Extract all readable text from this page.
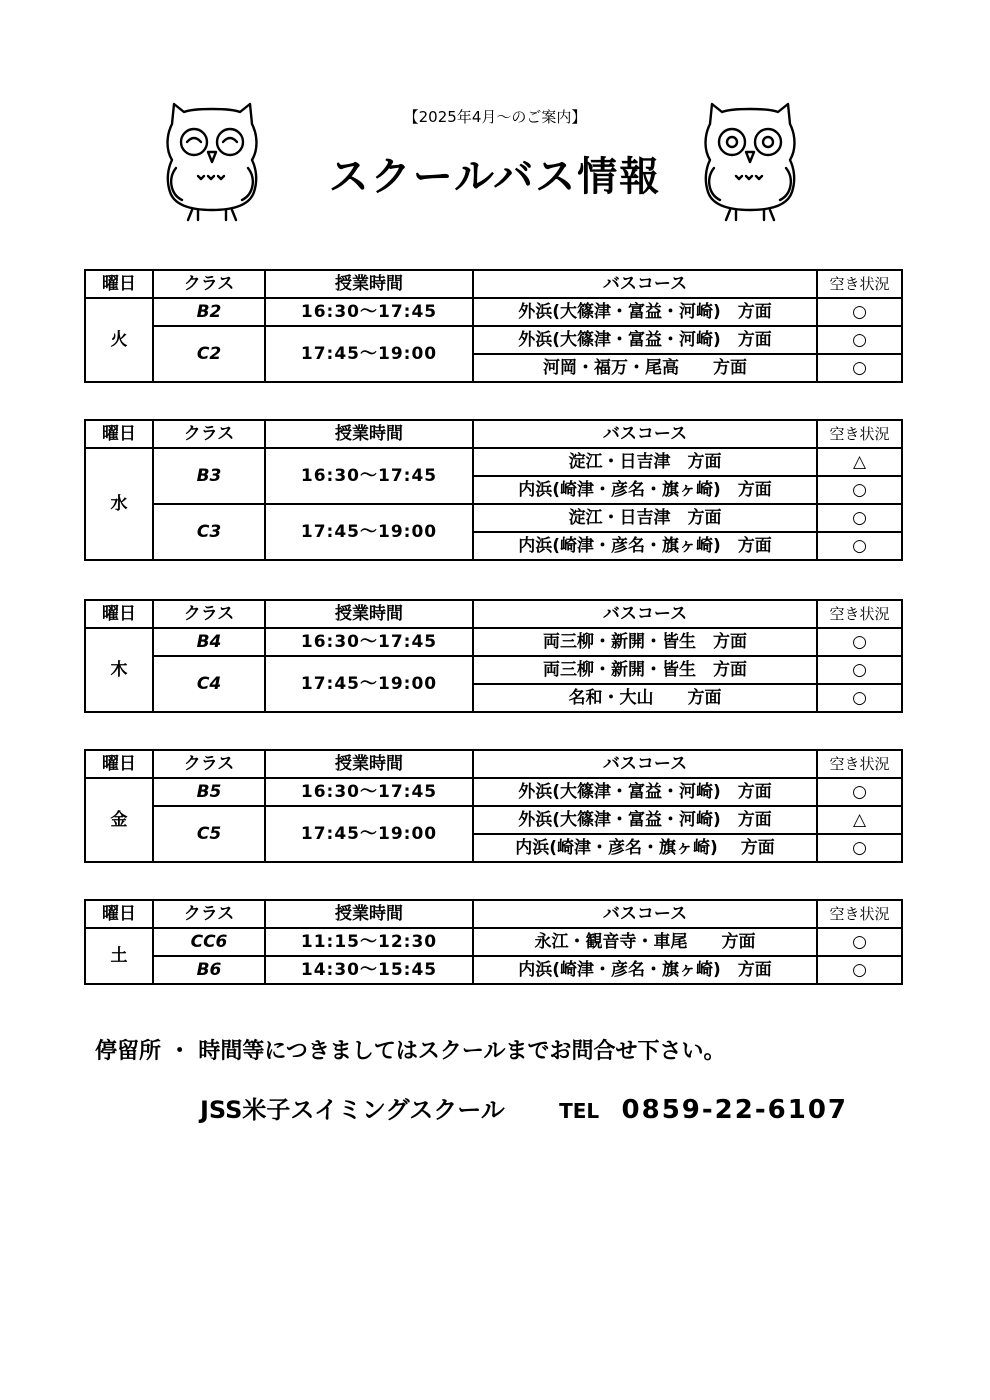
【2025年4月～のご案内】
スクールバス情報
曜日	クラス	授業時間	バスコース	空き状況
火	B2	16:30～17:45	外浜(大篠津・富益・河崎)　方面	○
	C2	17:45～19:00	外浜(大篠津・富益・河崎)　方面	○
			河岡・福万・尾高　　方面	○
曜日	クラス	授業時間	バスコース	空き状況
水	B3	16:30～17:45	淀江・日吉津　方面	△
			内浜(崎津・彦名・旗ヶ崎)　方面	○
	C3	17:45～19:00	淀江・日吉津　方面	○
			内浜(崎津・彦名・旗ヶ崎)　方面	○
曜日	クラス	授業時間	バスコース	空き状況
木	B4	16:30～17:45	両三柳・新開・皆生　方面	○
	C4	17:45～19:00	両三柳・新開・皆生　方面	○
			名和・大山　　方面	○
曜日	クラス	授業時間	バスコース	空き状況
金	B5	16:30～17:45	外浜(大篠津・富益・河崎)　方面	○
	C5	17:45～19:00	外浜(大篠津・富益・河崎)　方面	△
			内浜(崎津・彦名・旗ヶ崎)　 方面	○
曜日	クラス	授業時間	バスコース	空き状況
土	CC6	11:15～12:30	永江・観音寺・車尾　　方面	○
	B6	14:30～15:45	内浜(崎津・彦名・旗ヶ崎)　方面	○
停留所 ・ 時間等につきましてはスクールまでお問合せ下さい。
JSS米子スイミングスクール	TEL 0859-22-6107
